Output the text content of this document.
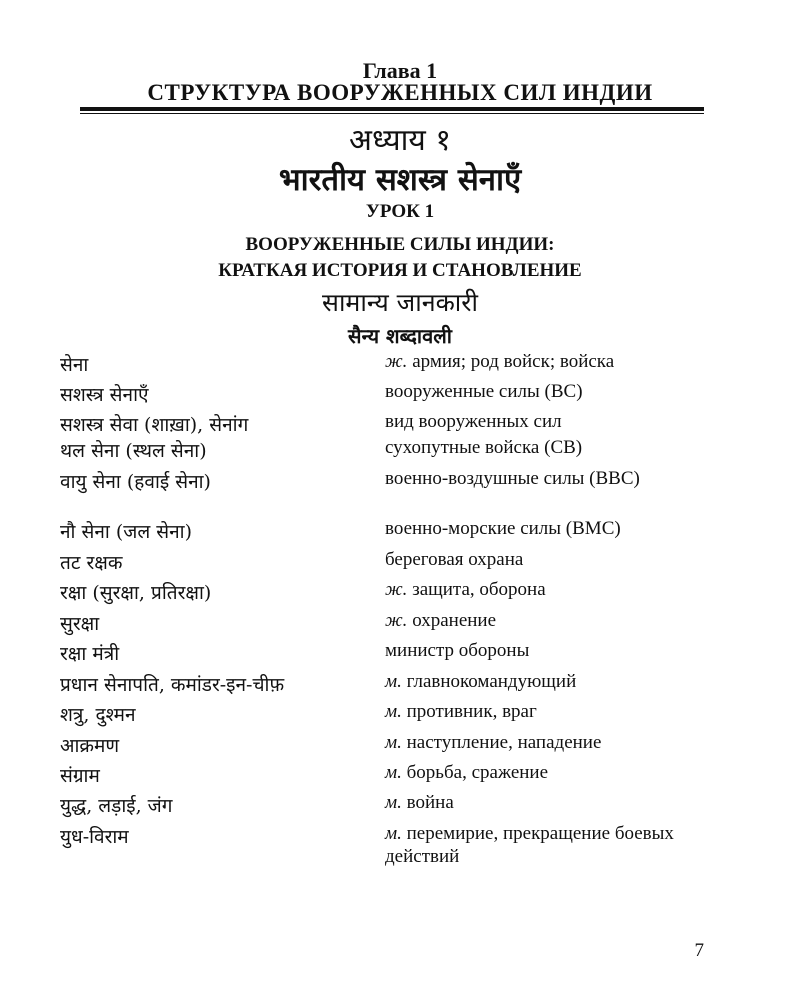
Глава 1
СТРУКТУРА ВООРУЖЕННЫХ СИЛ ИНДИИ
अध्याय १
भारतीय सशस्त्र सेनाएँ
УРОК 1
ВООРУЖЕННЫЕ СИЛЫ ИНДИИ:
КРАТКАЯ ИСТОРИЯ И СТАНОВЛЕНИЕ
सामान्य जानकारी
सैन्य शब्दावली
सेना	ж. армия; род войск; войска
सशस्त्र सेनाएँ	вооруженные силы (ВС)
सशस्त्र सेवा (शाख़ा), सेनांग	вид вооруженных сил
थल सेना (स्थल सेना)	сухопутные войска (СВ)
वायु सेना (हवाई सेना)	военно-воздушные силы (ВВС)
नौ सेना (जल सेना)	военно-морские силы (ВМС)
तट रक्षक	береговая охрана
रक्षा (सुरक्षा, प्रतिरक्षा)	ж. защита, оборона
सुरक्षा	ж. охранение
रक्षा मंत्री	министр обороны
प्रधान सेनापति, कमांडर-इन-चीफ़	м. главнокомандующий
शत्रु, दुश्मन	м. противник, враг
आक्रमण	м. наступление, нападение
संग्राम	м. борьба, сражение
युद्ध, लड़ाई, जंग	м. война
युध-विराम	м. перемирие, прекращение боевых действий
7
